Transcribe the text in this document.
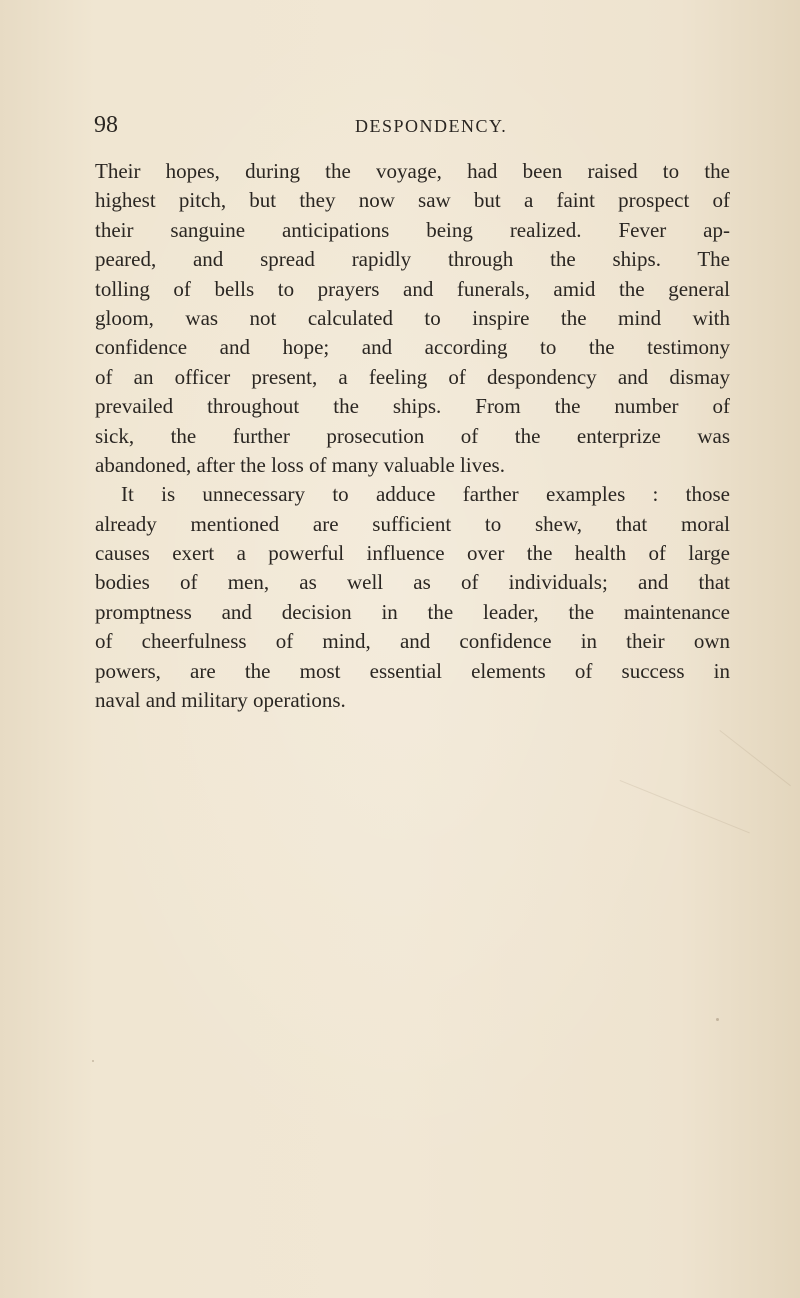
98	DESPONDENCY.
Their hopes, during the voyage, had been raised to the
highest pitch, but they now saw but a faint prospect of
their sanguine anticipations being realized. Fever ap-
peared, and spread rapidly through the ships. The
tolling of bells to prayers and funerals, amid the general
gloom, was not calculated to inspire the mind with
confidence and hope; and according to the testimony
of an officer present, a feeling of despondency and dismay
prevailed throughout the ships. From the number of
sick, the further prosecution of the enterprize was
abandoned, after the loss of many valuable lives.
It is unnecessary to adduce farther examples : those
already mentioned are sufficient to shew, that moral
causes exert a powerful influence over the health of large
bodies of men, as well as of individuals; and that
promptness and decision in the leader, the maintenance
of cheerfulness of mind, and confidence in their own
powers, are the most essential elements of success in
naval and military operations.
